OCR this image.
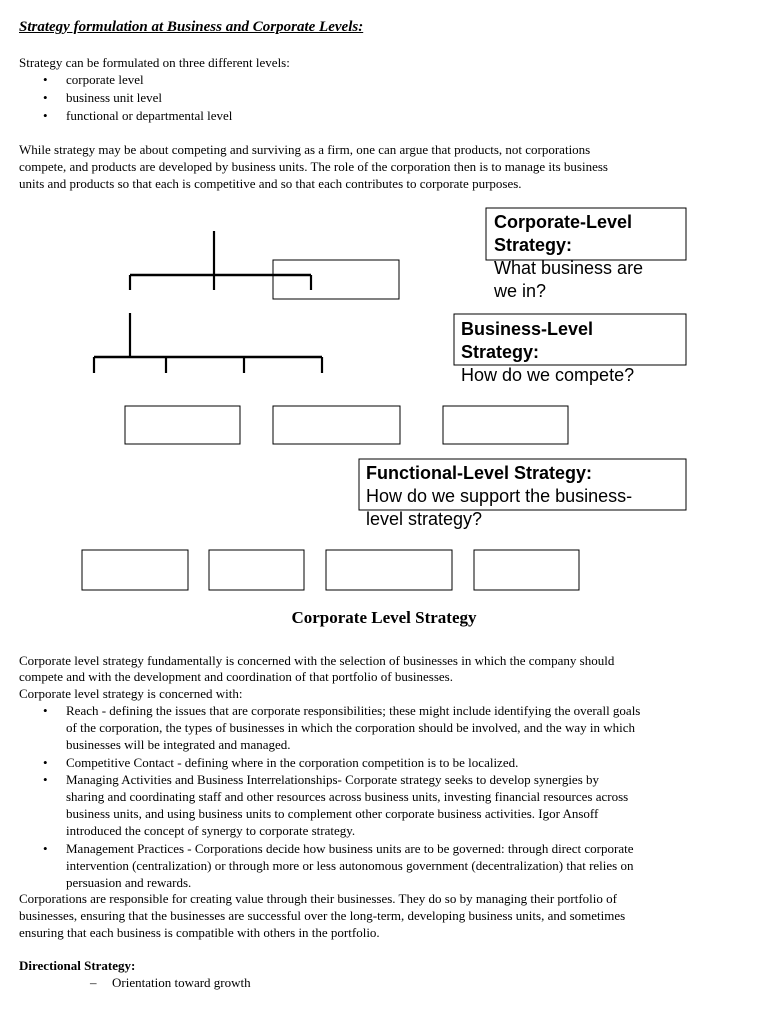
Strategy formulation at Business and Corporate Levels:
Strategy can be formulated on three different levels:
• corporate level
• business unit level
• functional or departmental level
While strategy may be about competing and surviving as a firm, one can argue that products, not corporations
compete, and products are developed by business units. The role of the corporation then is to manage its business
units and products so that each is competitive and so that each contributes to corporate purposes.
Corporate-Level
Strategy:
What business are
we in?
Business-Level
Strategy:
How do we compete?
Functional-Level Strategy:
How do we support the business-
level strategy?
Corporate Level Strategy
Corporate level strategy fundamentally is concerned with the selection of businesses in which the company should
compete and with the development and coordination of that portfolio of businesses.
Corporate level strategy is concerned with:
• Reach - defining the issues that are corporate responsibilities; these might include identifying the overall goals
of the corporation, the types of businesses in which the corporation should be involved, and the way in which
businesses will be integrated and managed.
• Competitive Contact - defining where in the corporation competition is to be localized.
• Managing Activities and Business Interrelationships- Corporate strategy seeks to develop synergies by
sharing and coordinating staff and other resources across business units, investing financial resources across
business units, and using business units to complement other corporate business activities. Igor Ansoff
introduced the concept of synergy to corporate strategy.
• Management Practices - Corporations decide how business units are to be governed: through direct corporate
intervention (centralization) or through more or less autonomous government (decentralization) that relies on
persuasion and rewards.
Corporations are responsible for creating value through their businesses. They do so by managing their portfolio of
businesses, ensuring that the businesses are successful over the long-term, developing business units, and sometimes
ensuring that each business is compatible with others in the portfolio.
Directional Strategy:
– Orientation toward growth
